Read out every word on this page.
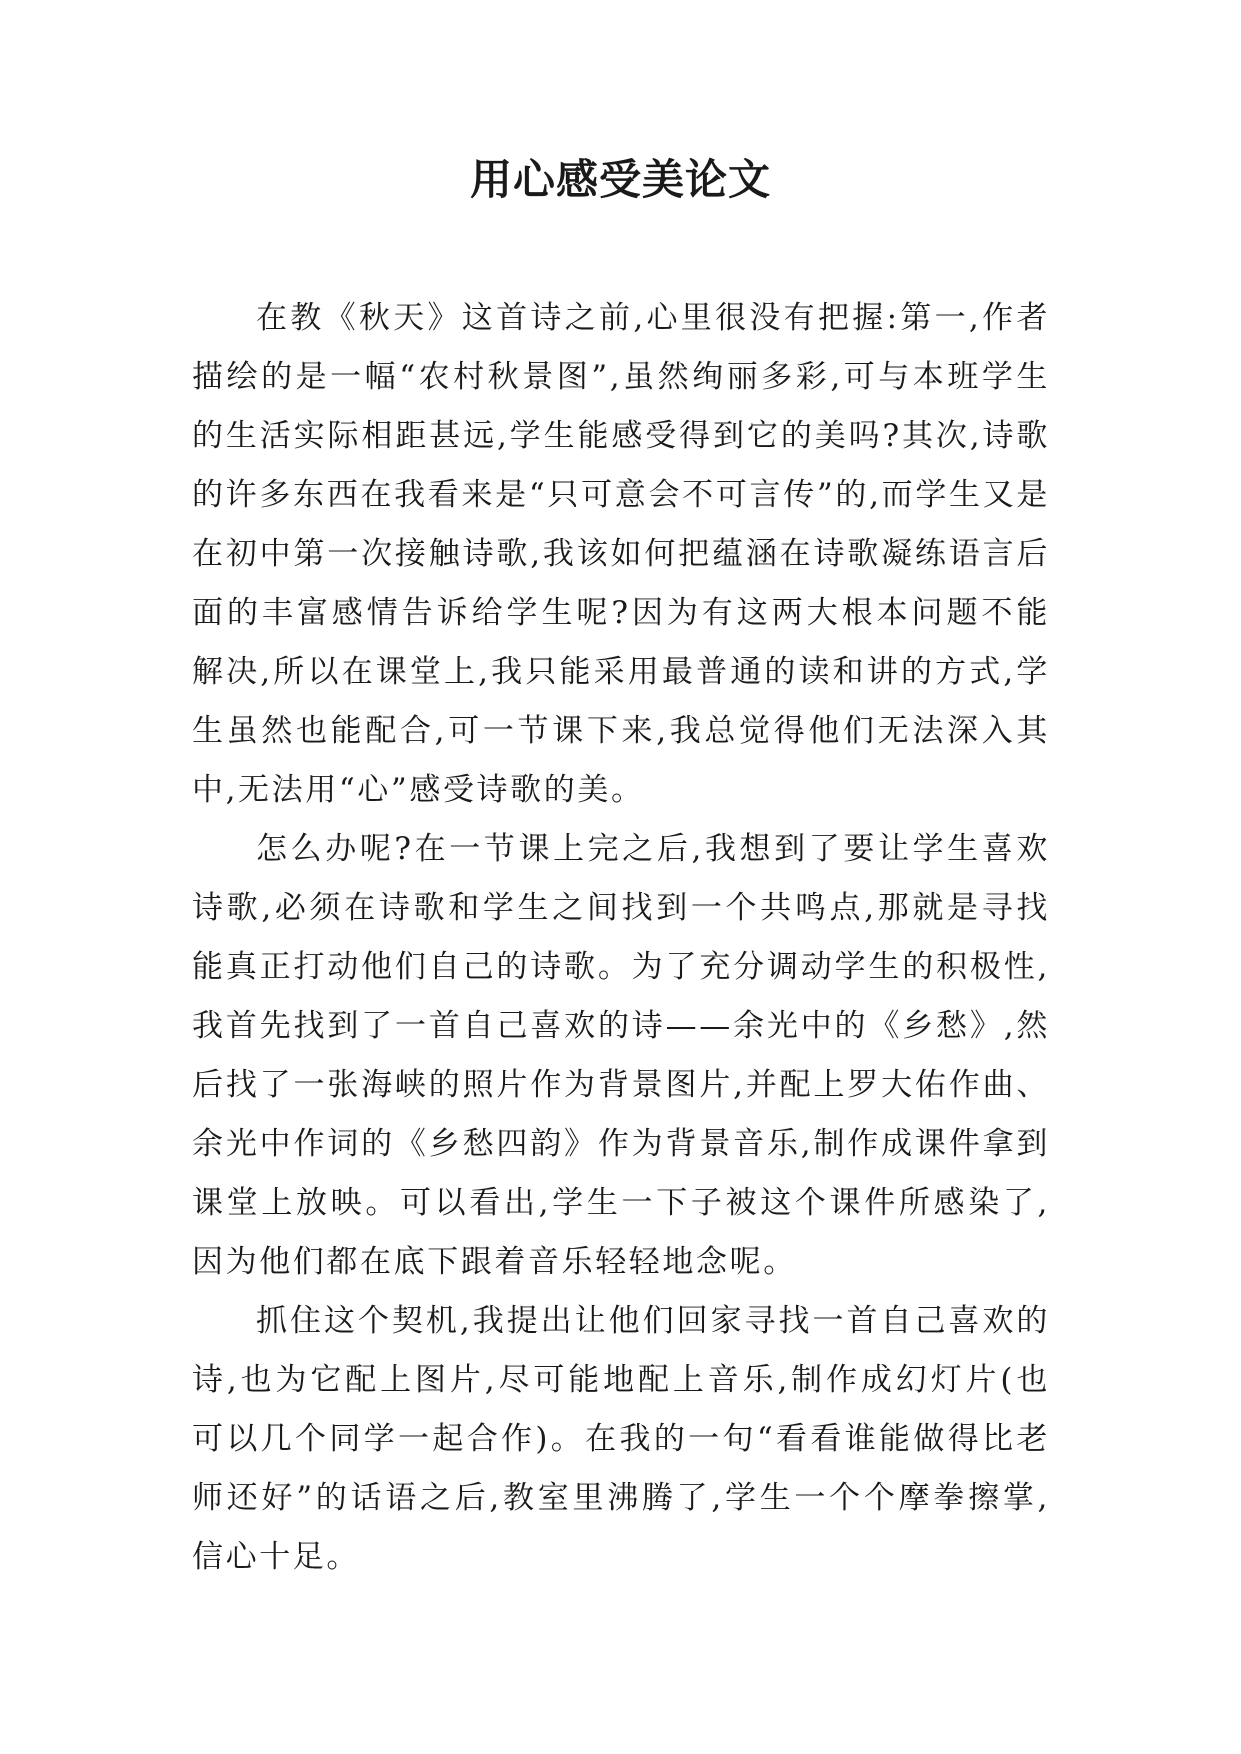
用心感受美论文

在教《秋天》这首诗之前,心里很没有把握:第一,作者描绘的是一幅“农村秋景图”,虽然绚丽多彩,可与本班学生的生活实际相距甚远,学生能感受得到它的美吗?其次,诗歌的许多东西在我看来是“只可意会不可言传”的,而学生又是在初中第一次接触诗歌,我该如何把蕴涵在诗歌凝练语言后面的丰富感情告诉给学生呢?因为有这两大根本问题不能解决,所以在课堂上,我只能采用最普通的读和讲的方式,学生虽然也能配合,可一节课下来,我总觉得他们无法深入其中,无法用“心”感受诗歌的美。

怎么办呢?在一节课上完之后,我想到了要让学生喜欢诗歌,必须在诗歌和学生之间找到一个共鸣点,那就是寻找能真正打动他们自己的诗歌。为了充分调动学生的积极性,我首先找到了一首自己喜欢的诗——余光中的《乡愁》,然后找了一张海峡的照片作为背景图片,并配上罗大佑作曲、余光中作词的《乡愁四韵》作为背景音乐,制作成课件拿到课堂上放映。可以看出,学生一下子被这个课件所感染了,因为他们都在底下跟着音乐轻轻地念呢。

抓住这个契机,我提出让他们回家寻找一首自己喜欢的诗,也为它配上图片,尽可能地配上音乐,制作成幻灯片(也可以几个同学一起合作)。在我的一句“看看谁能做得比老师还好”的话语之后,教室里沸腾了,学生一个个摩拳擦掌,信心十足。
